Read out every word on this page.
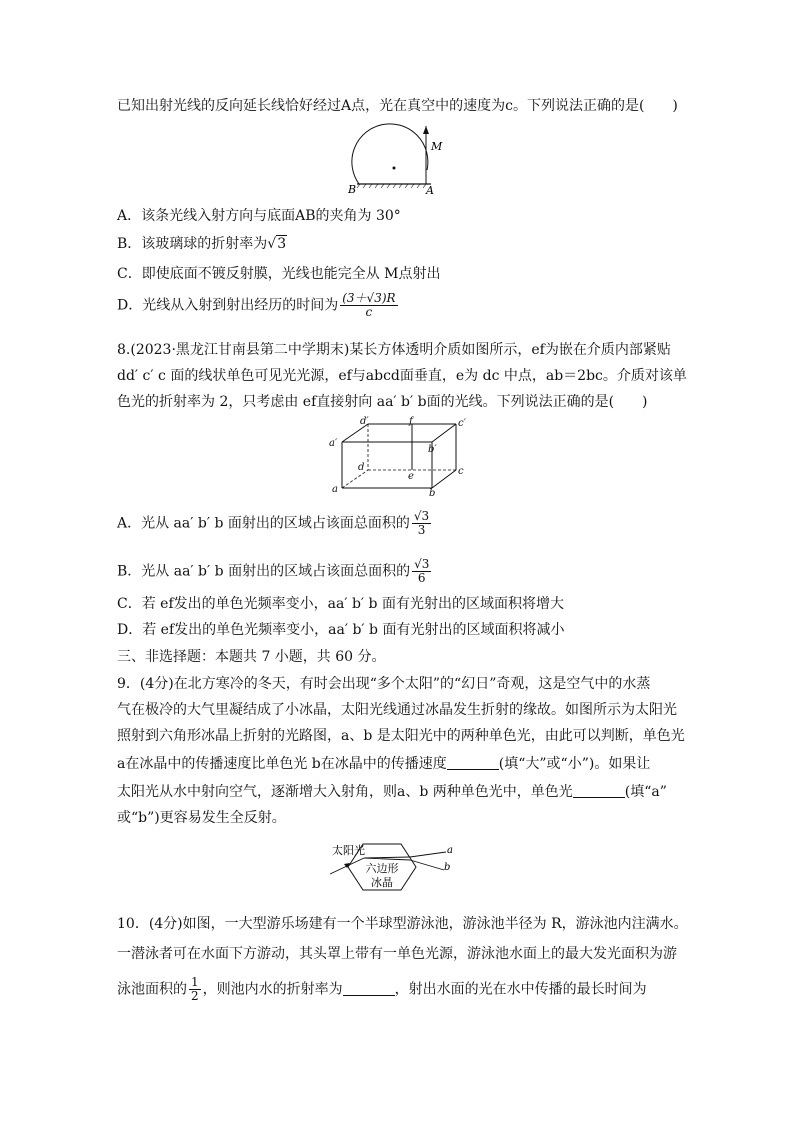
已知出射光线的反向延长线恰好经过A点，光在真空中的速度为c。下列说法正确的是(　　)
M
B	A
A．该条光线入射方向与底面AB的夹角为 30°
B．该玻璃球的折射率为√3
C．即使底面不镀反射膜，光线也能完全从 M点射出
D．光线从入射到射出经历的时间为 $\frac{(3+√3)R}{c}$
8.(2023·黑龙江甘南县第二中学期末)某长方体透明介质如图所示，ef为嵌在介质内部紧贴
dd′ c′ c 面的线状单色可见光光源，ef与abcd面垂直，e为 dc 中点，ab＝2bc。介质对该单
色光的折射率为 2，只考虑由 ef直接射向 aa′ b′ b面的光线。下列说法正确的是(　　)
d′	f	c′
a′
b′
d
e	c
a	b
A．光从 aa′ b′ b 面射出的区域占该面总面积的 $\frac{√3}{3}$
B．光从 aa′ b′ b 面射出的区域占该面总面积的 $\frac{√3}{6}$
C．若 ef发出的单色光频率变小，aa′ b′ b 面有光射出的区域面积将增大
D．若 ef发出的单色光频率变小，aa′ b′ b 面有光射出的区域面积将减小
三、非选择题：本题共 7 小题，共 60 分。
9．(4分)在北方寒冷的冬天，有时会出现“多个太阳”的“幻日”奇观，这是空气中的水蒸
气在极冷的大气里凝结成了小冰晶，太阳光线通过冰晶发生折射的缘故。如图所示为太阳光
照射到六角形冰晶上折射的光路图，a、b 是太阳光中的两种单色光，由此可以判断，单色光
a在冰晶中的传播速度比单色光 b在冰晶中的传播速度	(填“大”或“小”)。如果让
太阳光从水中射向空气，逐渐增大入射角，则a、b 两种单色光中，单色光	(填“a”
或“b”)更容易发生全反射。
太阳光
六边形
冰晶
a
b
10．(4分)如图，一大型游乐场建有一个半球型游泳池，游泳池半径为 R，游泳池内注满水。
一潜泳者可在水面下方游动，其头罩上带有一单色光源，游泳池水面上的最大发光面积为游
泳池面积的 $\frac{1}{2}$ ，则池内水的折射率为	，射出水面的光在水中传播的最长时间为
